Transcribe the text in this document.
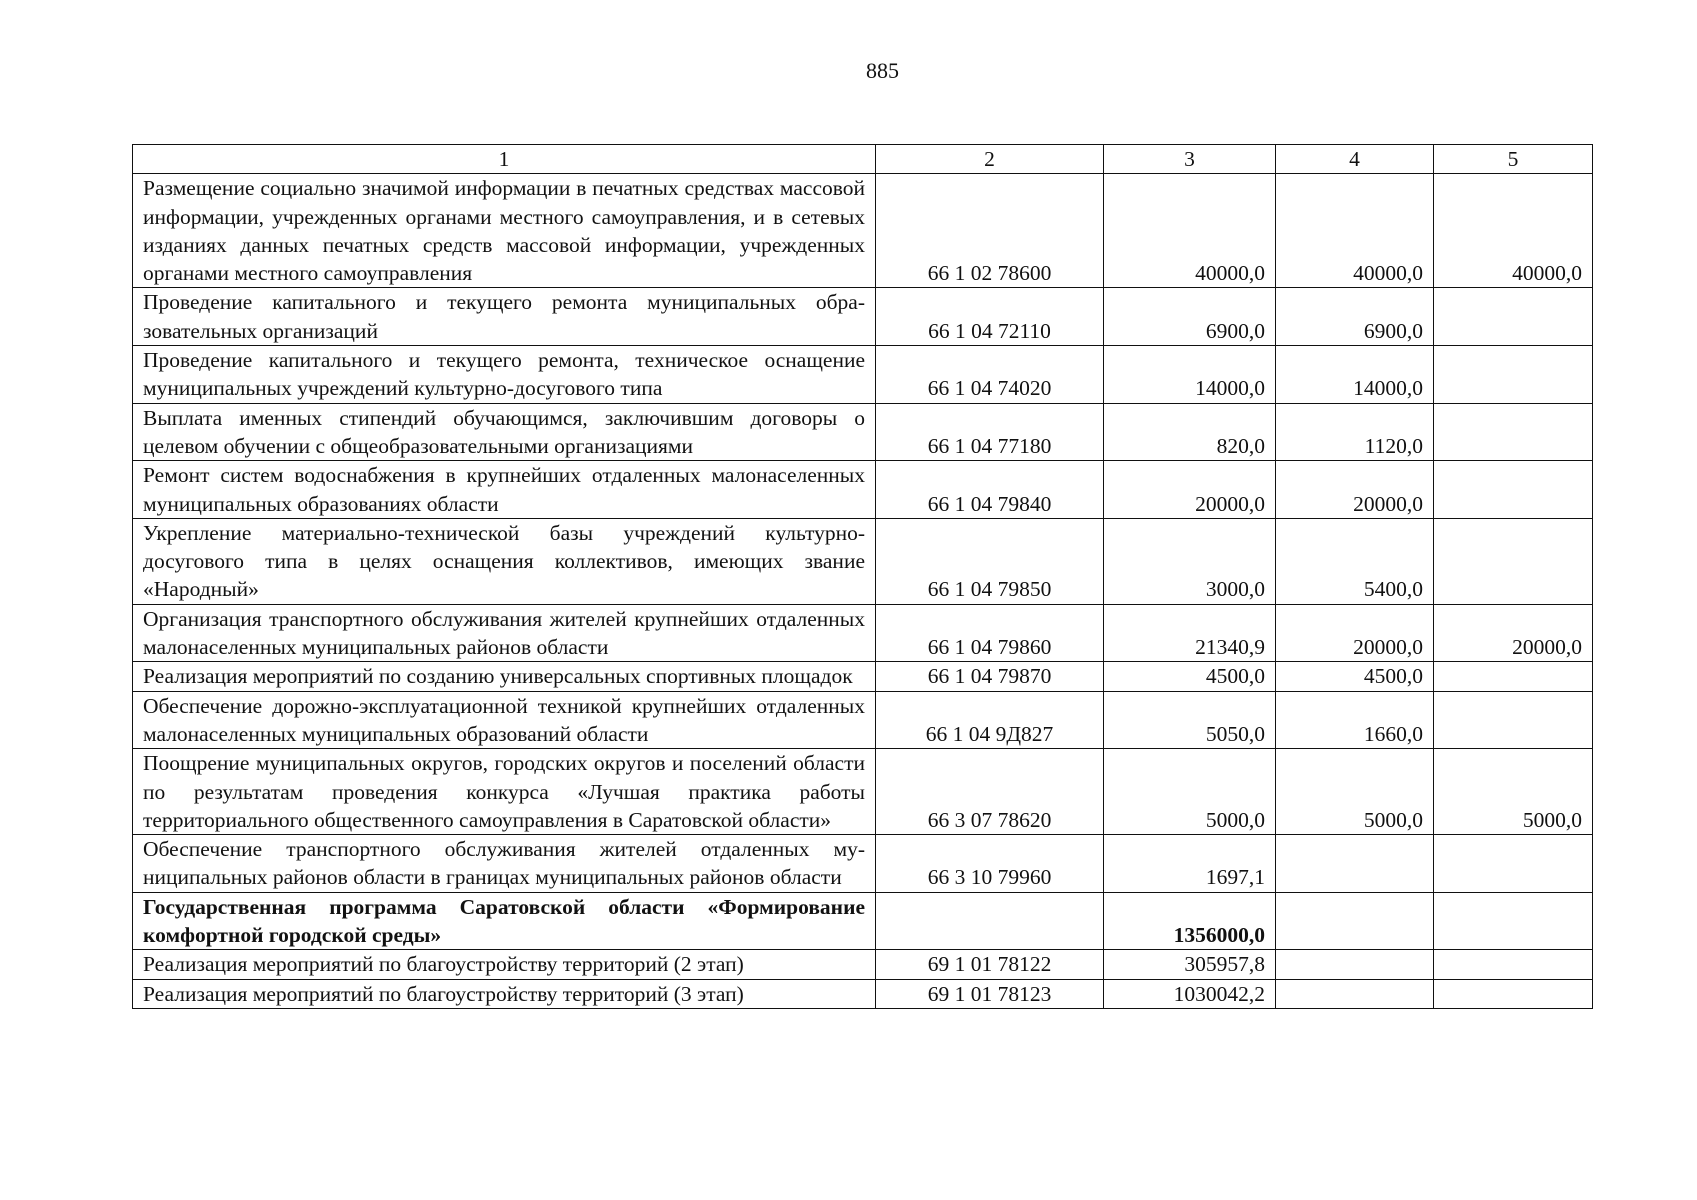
885
1	2	3	4	5
Размещение социально значимой информации в печатных средствах массовой информации, учрежденных органами местного самоуправления, и в сетевых изданиях данных печатных средств массовой информации, учрежденных органами местного самоуправления	66 1 02 78600	40000,0	40000,0	40000,0
Проведение капитального и текущего ремонта муниципальных образовательных организаций	66 1 04 72110	6900,0	6900,0	
Проведение капитального и текущего ремонта, техническое оснащение муниципальных учреждений культурно-досугового типа	66 1 04 74020	14000,0	14000,0	
Выплата именных стипендий обучающимся, заключившим договоры о целевом обучении с общеобразовательными организациями	66 1 04 77180	820,0	1120,0	
Ремонт систем водоснабжения в крупнейших отдаленных малонаселенных муниципальных образованиях области	66 1 04 79840	20000,0	20000,0	
Укрепление материально-технической базы учреждений культурно-досугового типа в целях оснащения коллективов, имеющих звание «Народный»	66 1 04 79850	3000,0	5400,0	
Организация транспортного обслуживания жителей крупнейших отдаленных малонаселенных муниципальных районов области	66 1 04 79860	21340,9	20000,0	20000,0
Реализация мероприятий по созданию универсальных спортивных площадок	66 1 04 79870	4500,0	4500,0	
Обеспечение дорожно-эксплуатационной техникой крупнейших отдаленных малонаселенных муниципальных образований области	66 1 04 9Д827	5050,0	1660,0	
Поощрение муниципальных округов, городских округов и поселений области по результатам проведения конкурса «Лучшая практика работы территориального общественного самоуправления в Саратовской области»	66 3 07 78620	5000,0	5000,0	5000,0
Обеспечение транспортного обслуживания жителей отдаленных муниципальных районов области в границах муниципальных районов области	66 3 10 79960	1697,1		
Государственная программа Саратовской области «Формирование комфортной городской среды»		1356000,0		
Реализация мероприятий по благоустройству территорий (2 этап)	69 1 01 78122	305957,8		
Реализация мероприятий по благоустройству территорий (3 этап)	69 1 01 78123	1030042,2		
